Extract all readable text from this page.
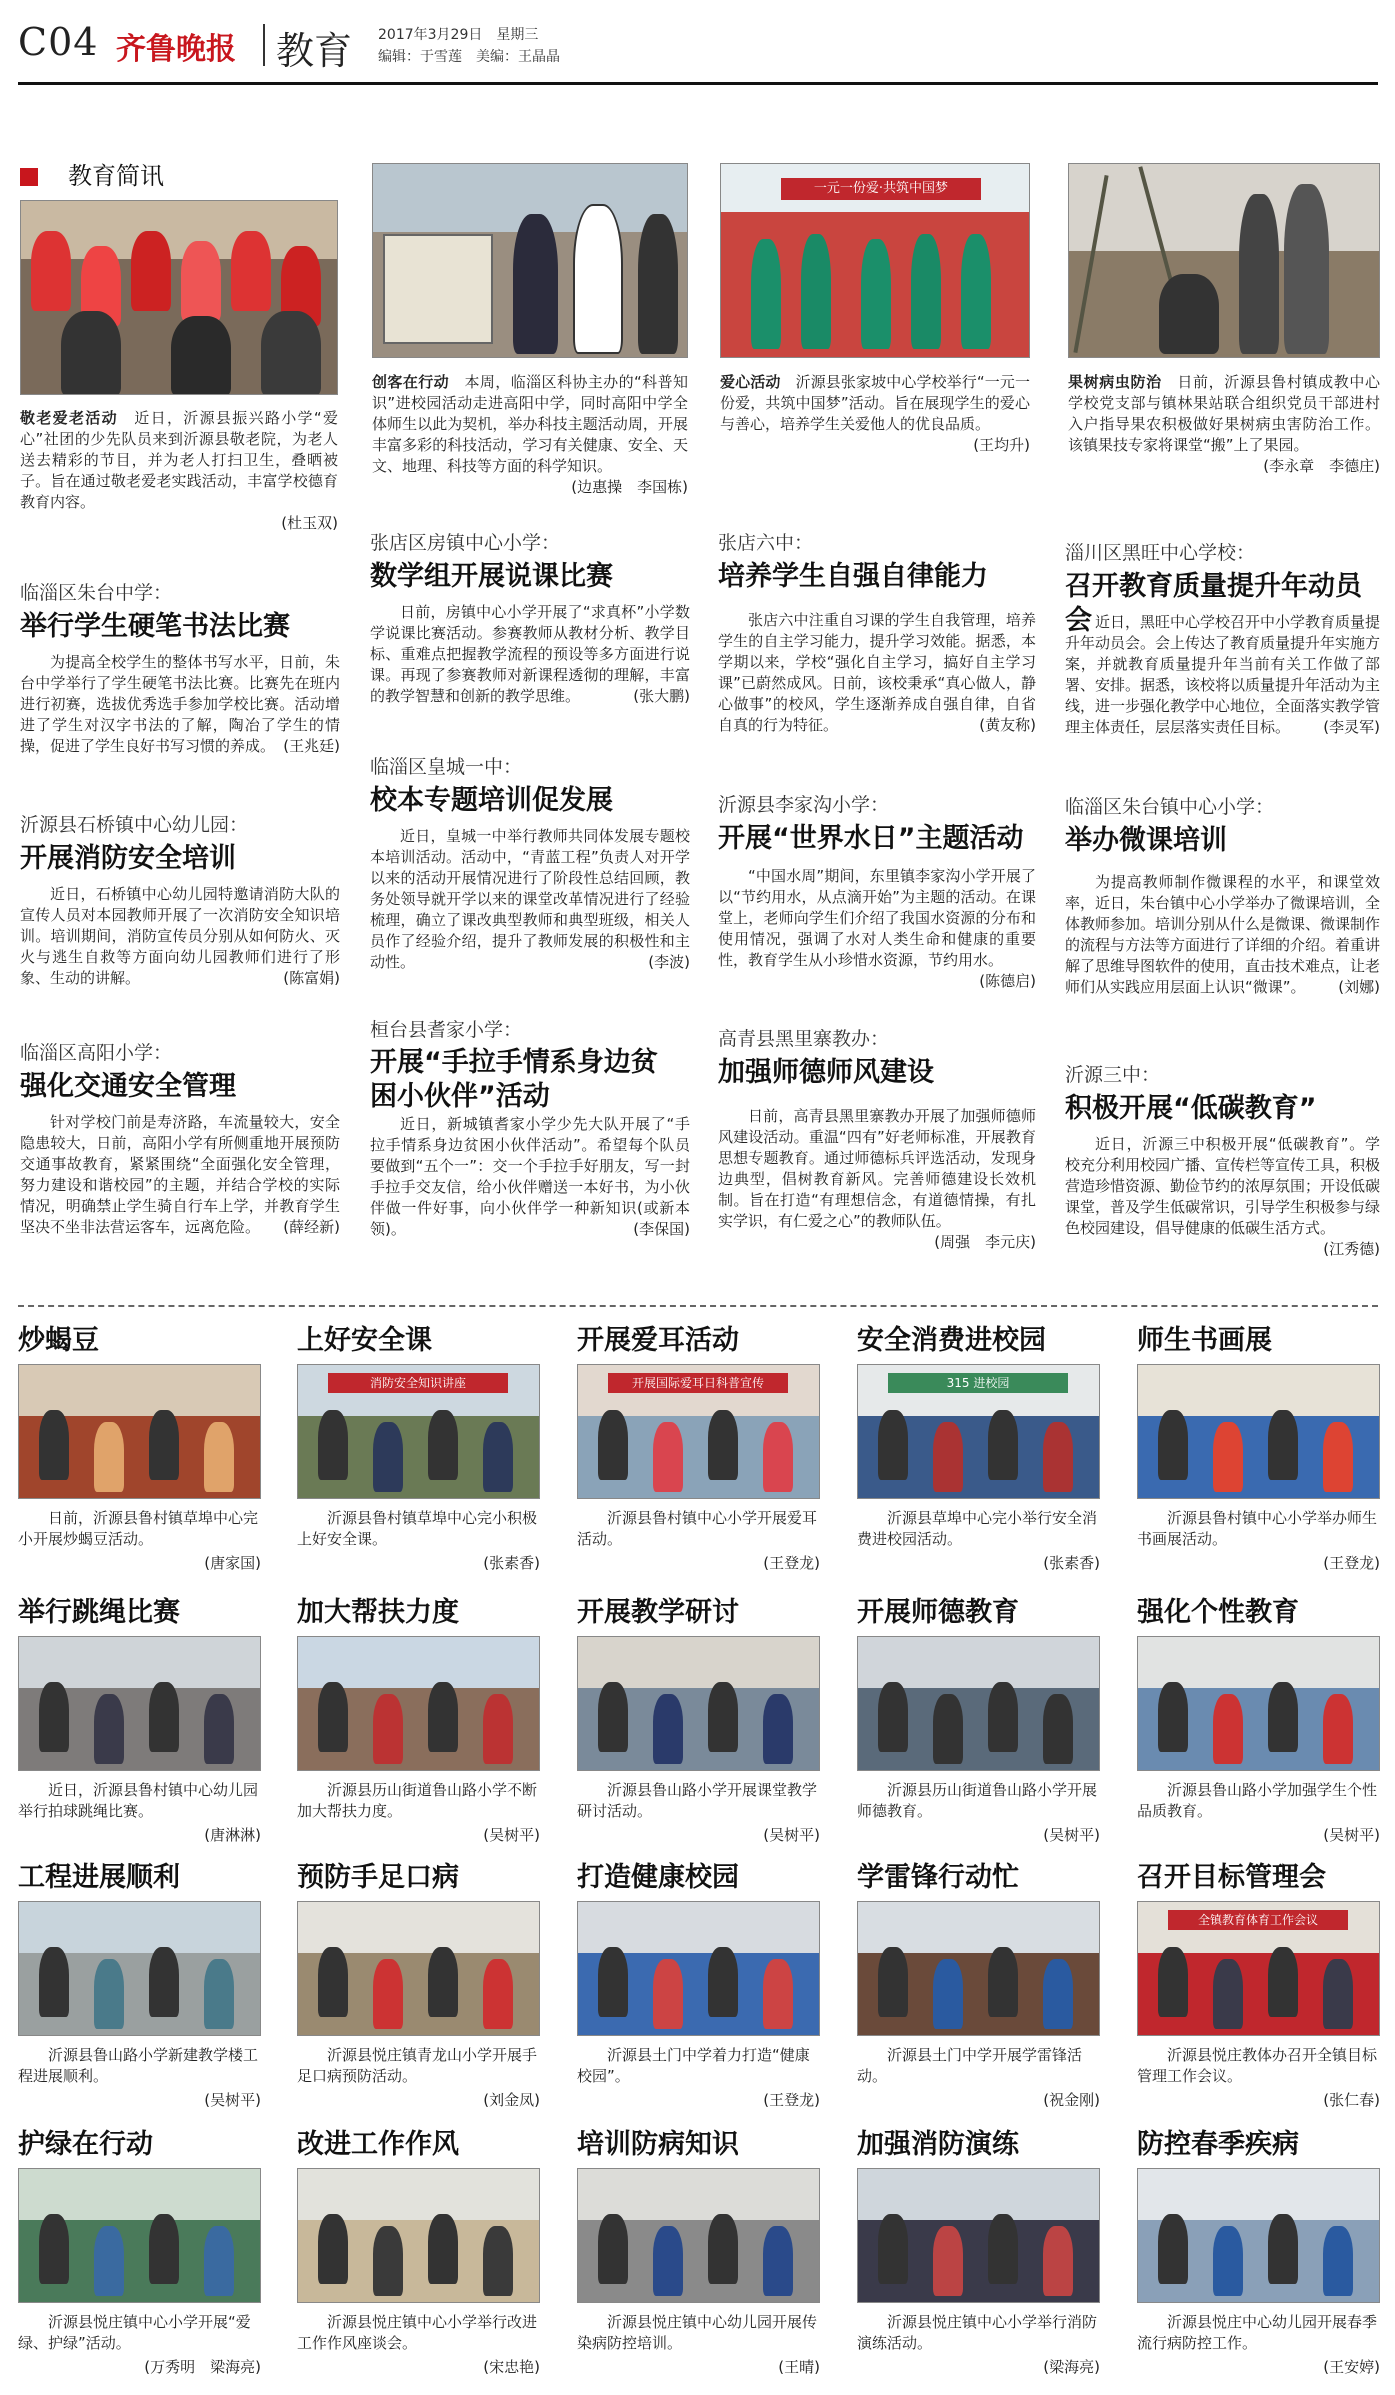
C04 齐鲁晚报 教育 2017年3月29日　 星期三
编辑：于雪莲　 美编：王晶晶
教育简讯
敬老爱老活动　 近日，沂源县振兴路小学“爱心”社团的少先队员来到沂源县敬老院，为老人送去精彩的节目，并为老人打扫卫生，叠晒被子。旨在通过敬老爱老实践活动，丰富学校德育教育内容。

(杜玉双)
创客在行动　 本周，临淄区科协主办的“科普知识”进校园活动走进高阳中学，同时高阳中学全体师生以此为契机，举办科技主题活动周，开展丰富多彩的科技活动，学习有关健康、安全、天文、地理、科技等方面的科学知识。

(边惠操　李国栋)
一元一份爱·共筑中国梦
爱心活动　 沂源县张家坡中心学校举行“一元一份爱，共筑中国梦”活动。旨在展现学生的爱心与善心，培养学生关爱他人的优良品质。

(王均升)
果树病虫防治　 日前，沂源县鲁村镇成教中心学校党支部与镇林果站联合组织党员干部进村入户指导果农积极做好果树病虫害防治工作。该镇果技专家将课堂“搬”上了果园。

(李永章　李德庄)
临淄区朱台中学：
举行学生硬笔书法比赛
为提高全校学生的整体书写水平，日前，朱台中学举行了学生硬笔书法比赛。比赛先在班内进行初赛，选拔优秀选手参加学校比赛。活动增进了学生对汉字书法的了解，陶冶了学生的情操，促进了学生良好书写习惯的养成。 (王兆廷)
沂源县石桥镇中心幼儿园：
开展消防安全培训
近日，石桥镇中心幼儿园特邀请消防大队的宣传人员对本园教师开展了一次消防安全知识培训。培训期间，消防宣传员分别从如何防火、灭火与逃生自救等方面向幼儿园教师们进行了形象、生动的讲解。	(陈富娟)
临淄区高阳小学：
强化交通安全管理
针对学校门前是寿济路，车流量较大，安全隐患较大，日前，高阳小学有所侧重地开展预防交通事故教育，紧紧围绕“全面强化安全管理，努力建设和谐校园”的主题，并结合学校的实际情况，明确禁止学生骑自行车上学，并教育学生坚决不坐非法营运客车，远离危险。 (薛经新)
张店区房镇中心小学：
数学组开展说课比赛
日前，房镇中心小学开展了“求真杯”小学数学说课比赛活动。参赛教师从教材分析、教学目标、重难点把握教学流程的预设等多方面进行说课。再现了参赛教师对新课程透彻的理解，丰富的教学智慧和创新的教学思维。	(张大鹏)
临淄区皇城一中：
校本专题培训促发展
近日，皇城一中举行教师共同体发展专题校本培训活动。活动中，“青蓝工程”负责人对开学以来的活动开展情况进行了阶段性总结回顾，教务处领导就开学以来的课堂改革情况进行了经验梳理，确立了课改典型教师和典型班级，相关人员作了经验介绍，提升了教师发展的积极性和主动性。	(李波)
桓台县耆家小学：
开展“手拉手情系身边贫困小伙伴”活动
近日，新城镇耆家小学少先大队开展了“手拉手情系身边贫困小伙伴活动”。希望每个队员要做到“五个一”：交一个手拉手好朋友，写一封手拉手交友信，给小伙伴赠送一本好书，为小伙伴做一件好事，向小伙伴学一种新知识(或新本领)。	(李保国)
张店六中：
培养学生自强自律能力
张店六中注重自习课的学生自我管理，培养学生的自主学习能力，提升学习效能。据悉，本学期以来，学校“强化自主学习，搞好自主学习课”已蔚然成风。日前，该校秉承“真心做人，静心做事”的校风，学生逐渐养成自强自律，自省自真的行为特征。	(黄友称)
沂源县李家沟小学：
开展“世界水日”主题活动
“中国水周”期间，东里镇李家沟小学开展了以“节约用水，从点滴开始”为主题的活动。在课堂上，老师向学生们介绍了我国水资源的分布和使用情况，强调了水对人类生命和健康的重要性，教育学生从小珍惜水资源，节约用水。
(陈德启)
高青县黑里寨教办：
加强师德师风建设
日前，高青县黑里寨教办开展了加强师德师风建设活动。重温“四有”好老师标准，开展教育思想专题教育。通过师德标兵评选活动，发现身边典型，倡树教育新风。完善师德建设长效机制。旨在打造“有理想信念，有道德情操，有扎实学识，有仁爱之心”的教师队伍。
(周强　李元庆)
淄川区黑旺中心学校：
召开教育质量提升年动员会 近日，黑旺中心学校召开中小学教育质量提升年动员会。会上传达了教育质量提升年实施方案，并就教育质量提升年当前有关工作做了部署、安排。据悉，该校将以质量提升年活动为主线，进一步强化教学中心地位，全面落实教学管理主体责任，层层落实责任目标。 (李灵军)
临淄区朱台镇中心小学：
举办微课培训
为提高教师制作微课程的水平，和课堂效率，近日，朱台镇中心小学举办了微课培训，全体教师参加。培训分别从什么是微课、微课制作的流程与方法等方面进行了详细的介绍。着重讲解了思维导图软件的使用，直击技术难点，让老师们从实践应用层面上认识“微课”。 (刘娜)
沂源三中：
积极开展“低碳教育”
近日，沂源三中积极开展“低碳教育”。学校充分利用校园广播、宣传栏等宣传工具，积极营造珍惜资源、勤俭节约的浓厚氛围；开设低碳课堂，普及学生低碳常识，引导学生积极参与绿色校园建设，倡导健康的低碳生活方式。
(江秀德)
炒蝎豆
日前，沂源县鲁村镇草埠中心完小开展炒蝎豆活动。
(唐家国)
上好安全课
消防安全知识讲座
沂源县鲁村镇草埠中心完小积极上好安全课。
(张素香)
开展爱耳活动
开展国际爱耳日科普宣传
沂源县鲁村镇中心小学开展爱耳活动。
(王登龙)
安全消费进校园
315 进校园
沂源县草埠中心完小举行安全消费进校园活动。
(张素香)
师生书画展
沂源县鲁村镇中心小学举办师生书画展活动。
(王登龙)
举行跳绳比赛
近日，沂源县鲁村镇中心幼儿园举行拍球跳绳比赛。
(唐淋淋)
加大帮扶力度
沂源县历山街道鲁山路小学不断加大帮扶力度。
(吴树平)
开展教学研讨
沂源县鲁山路小学开展课堂教学研讨活动。
(吴树平)
开展师德教育
沂源县历山街道鲁山路小学开展师德教育。
(吴树平)
强化个性教育
沂源县鲁山路小学加强学生个性品质教育。
(吴树平)
工程进展顺利
沂源县鲁山路小学新建教学楼工程进展顺利。
(吴树平)
预防手足口病
沂源县悦庄镇青龙山小学开展手足口病预防活动。
(刘金凤)
打造健康校园
沂源县土门中学着力打造“健康校园”。
(王登龙)
学雷锋行动忙
沂源县土门中学开展学雷锋活动。
(祝金刚)
召开目标管理会
全镇教育体育工作会议
沂源县悦庄教体办召开全镇目标管理工作会议。
(张仁春)
护绿在行动
沂源县悦庄镇中心小学开展“爱绿、护绿”活动。
(万秀明　梁海亮)
改进工作作风
沂源县悦庄镇中心小学举行改进工作作风座谈会。
(宋忠艳)
培训防病知识
沂源县悦庄镇中心幼儿园开展传染病防控培训。
(王晴)
加强消防演练
沂源县悦庄镇中心小学举行消防演练活动。
(梁海亮)
防控春季疾病
沂源县悦庄中心幼儿园开展春季流行病防控工作。
(王安婷)
